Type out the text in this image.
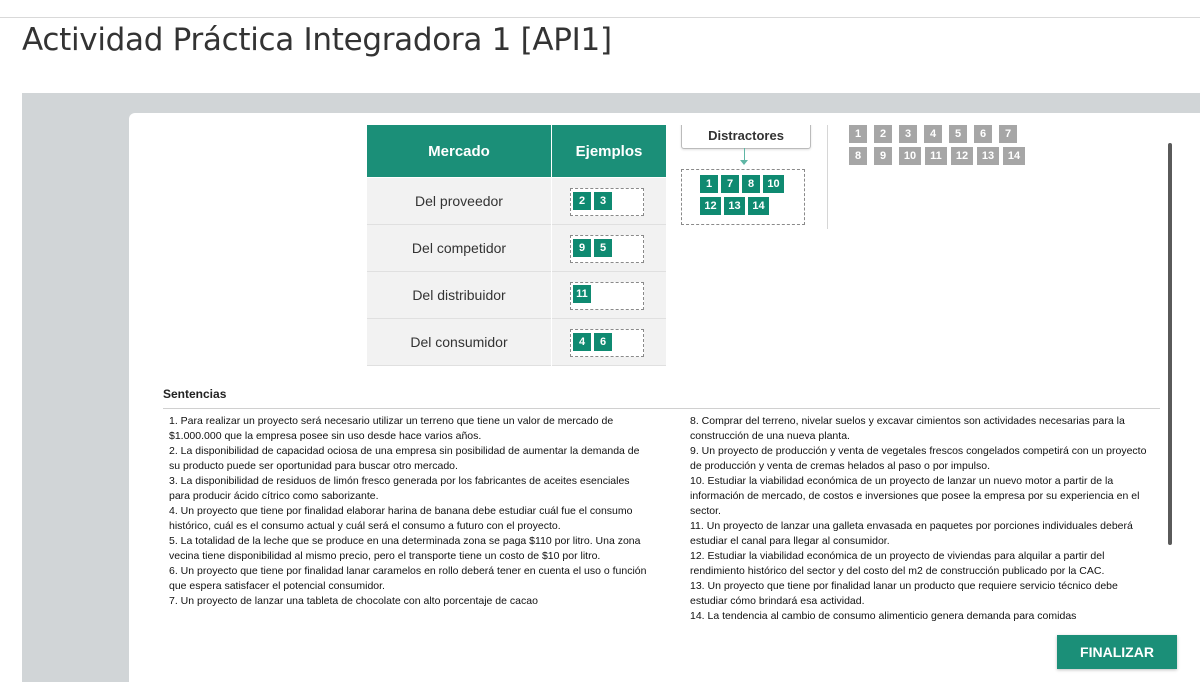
Actividad Práctica Integradora 1 [API1]
Mercado	Ejemplos
Del proveedor	2	3
Del competidor	9	5
Del distribuidor	11
Del consumidor	4	6
Distractores
1	7	8	10
12	13	14
1	2	3	4	5	6	7
8	9	10	11	12	13	14
Sentencias

1. Para realizar un proyecto será necesario utilizar un terreno que tiene un valor de mercado de $1.000.000 que la empresa posee sin uso desde hace varios años.

2. La disponibilidad de capacidad ociosa de una empresa sin posibilidad de aumentar la demanda de su producto puede ser oportunidad para buscar otro mercado.

3. La disponibilidad de residuos de limón fresco generada por los fabricantes de aceites esenciales para producir ácido cítrico como saborizante.

4. Un proyecto que tiene por finalidad elaborar harina de banana debe estudiar cuál fue el consumo histórico, cuál es el consumo actual y cuál será el consumo a futuro con el proyecto.

5. La totalidad de la leche que se produce en una determinada zona se paga $110 por litro. Una zona vecina tiene disponibilidad al mismo precio, pero el transporte tiene un costo de $10 por litro.

6. Un proyecto que tiene por finalidad lanar caramelos en rollo deberá tener en cuenta el uso o función que espera satisfacer el potencial consumidor.

7. Un proyecto de lanzar una tableta de chocolate con alto porcentaje de cacao

8. Comprar del terreno, nivelar suelos y excavar cimientos son actividades necesarias para la construcción de una nueva planta.

9. Un proyecto de producción y venta de vegetales frescos congelados competirá con un proyecto de producción y venta de cremas helados al paso o por impulso.

10. Estudiar la viabilidad económica de un proyecto de lanzar un nuevo motor a partir de la información de mercado, de costos e inversiones que posee la empresa por su experiencia en el sector.

11. Un proyecto de lanzar una galleta envasada en paquetes por porciones individuales deberá estudiar el canal para llegar al consumidor.

12. Estudiar la viabilidad económica de un proyecto de viviendas para alquilar a partir del rendimiento histórico del sector y del costo del m2 de construcción publicado por la CAC.

13. Un proyecto que tiene por finalidad lanar un producto que requiere servicio técnico debe estudiar cómo brindará esa actividad.

14. La tendencia al cambio de consumo alimenticio genera demanda para comidas

FINALIZAR
